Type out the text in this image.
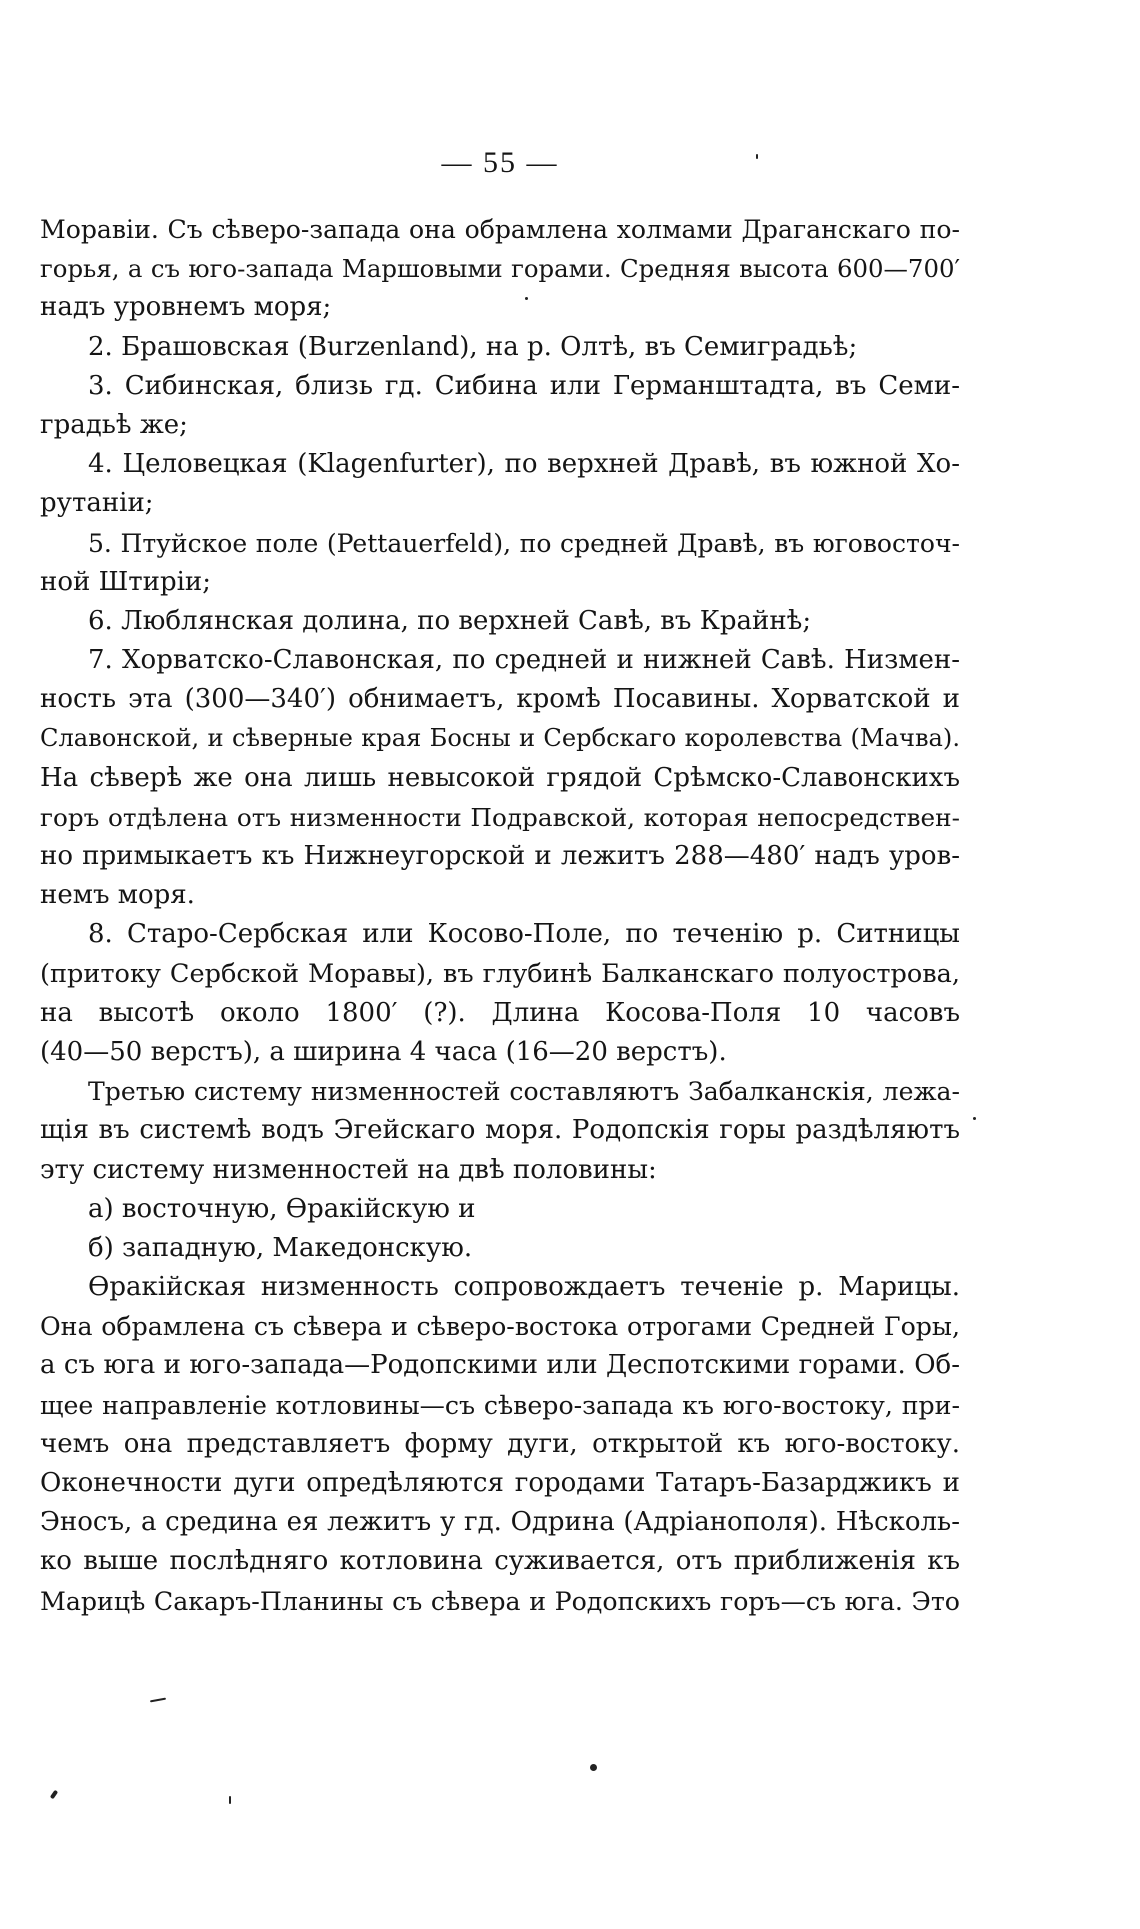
— 55 —
Моравіи. Съ сѣверо-запада она обрамлена холмами Драганскаго по-
горья, а съ юго-запада Маршовыми горами. Средняя высота 600—700′
надъ уровнемъ моря;
2. Брашовская (Burzenland), на р. Олтѣ, въ Семиградьѣ;
3. Сибинская, близь гд. Сибина или Германштадта, въ Семи-
градьѣ же;
4. Целовецкая (Klagenfurter), по верхней Дравѣ, въ южной Хо-
рутаніи;
5. Птуйское поле (Pettauerfeld), по средней Дравѣ, въ юговосточ-
ной Штиріи;
6. Люблянская долина, по верхней Савѣ, въ Крайнѣ;
7. Хорватско-Славонская, по средней и нижней Савѣ. Низмен-
ность эта (300—340′) обнимаетъ, кромѣ Посавины. Хорватской и
Славонской, и сѣверные края Босны и Сербскаго королевства (Мачва).
На сѣверѣ же она лишь невысокой грядой Срѣмско-Славонскихъ
горъ отдѣлена отъ низменности Подравской, которая непосредствен-
но примыкаетъ къ Нижнеугорской и лежитъ 288—480′ надъ уров-
немъ моря.
8. Старо-Сербская или Косово-Поле, по теченію р. Ситницы
(притоку Сербской Моравы), въ глубинѣ Балканскаго полуострова,
на высотѣ около 1800′ (?). Длина Косова-Поля 10 часовъ
(40—50 верстъ), а ширина 4 часа (16—20 верстъ).
Третью систему низменностей составляютъ Забалканскія, лежа-
щія въ системѣ водъ Эгейскаго моря. Родопскія горы раздѣляютъ
эту систему низменностей на двѣ половины:
а) восточную, Ѳракійскую и
б) западную, Македонскую.
Ѳракійская низменность сопровождаетъ теченіе р. Марицы.
Она обрамлена съ сѣвера и сѣверо-востока отрогами Средней Горы,
а съ юга и юго-запада—Родопскими или Деспотскими горами. Об-
щее направленіе котловины—съ сѣверо-запада къ юго-востоку, при-
чемъ она представляетъ форму дуги, открытой къ юго-востоку.
Оконечности дуги опредѣляются городами Татаръ-Базарджикъ и
Эносъ, а средина ея лежитъ у гд. Одрина (Адріанополя). Нѣсколь-
ко выше послѣдняго котловина суживается, отъ приближенія къ
Марицѣ Сакаръ-Планины съ сѣвера и Родопскихъ горъ—съ юга. Это
